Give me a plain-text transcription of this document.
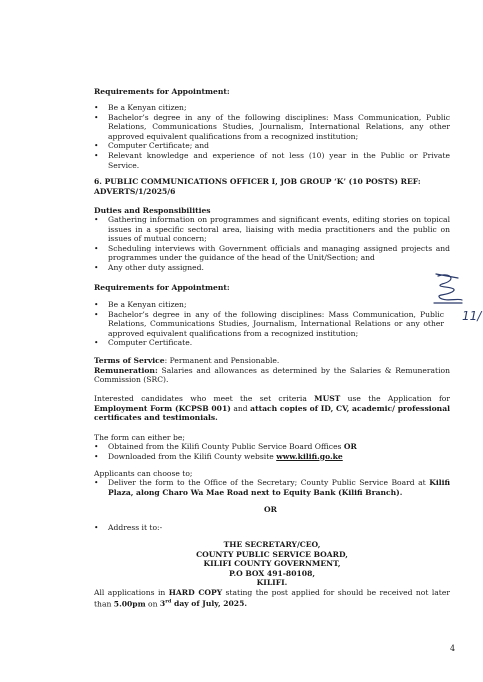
Requirements for Appointment:
• Be a Kenyan citizen;
• Bachelor’s degree in any of the following disciplines: Mass Communication, Public Relations, Communications Studies, Journalism, International Relations, any other approved equivalent qualifications from a recognized institution;
• Computer Certificate; and
• Relevant knowledge and experience of not less (10) year in the Public or Private Service.
6. PUBLIC COMMUNICATIONS OFFICER I, JOB GROUP ‘K’ (10 POSTS) REF: ADVERTS/1/2025/6
Duties and Responsibilities
• Gathering information on programmes and significant events, editing stories on topical issues in a specific sectoral area, liaising with media practitioners and the public on issues of mutual concern;
• Scheduling interviews with Government officials and managing assigned projects and programmes under the guidance of the head of the Unit/Section; and
• Any other duty assigned.
Requirements for Appointment:
• Be a Kenyan citizen;
• Bachelor’s degree in any of the following disciplines: Mass Communication, Public Relations, Communications Studies, Journalism, International Relations or any other approved equivalent qualifications from a recognized institution;
• Computer Certificate.

Terms of Service: Permanent and Pensionable.

Remuneration: Salaries and allowances as determined by the Salaries & Remuneration Commission (SRC).

Interested candidates who meet the set criteria MUST use the Application for Employment Form (KCPSB 001) and attach copies of ID, CV, academic/ professional certificates and testimonials.

The form can either be;
• Obtained from the Kilifi County Public Service Board Offices OR
• Downloaded from the Kilifi County website www.kilifi.go.ke
Applicants can choose to;
• Deliver the form to the Office of the Secretary; County Public Service Board at Kilifi Plaza, along Charo Wa Mae Road next to Equity Bank (Kilifi Branch).
OR
• Address it to:-
THE SECRETARY/CEO,
COUNTY PUBLIC SERVICE BOARD,
KILIFI COUNTY GOVERNMENT,
P.O BOX 491-80108,
KILIFI.

All applications in HARD COPY stating the post applied for should be received not later than 5.00pm on 3rd day of July, 2025.

4
11/
